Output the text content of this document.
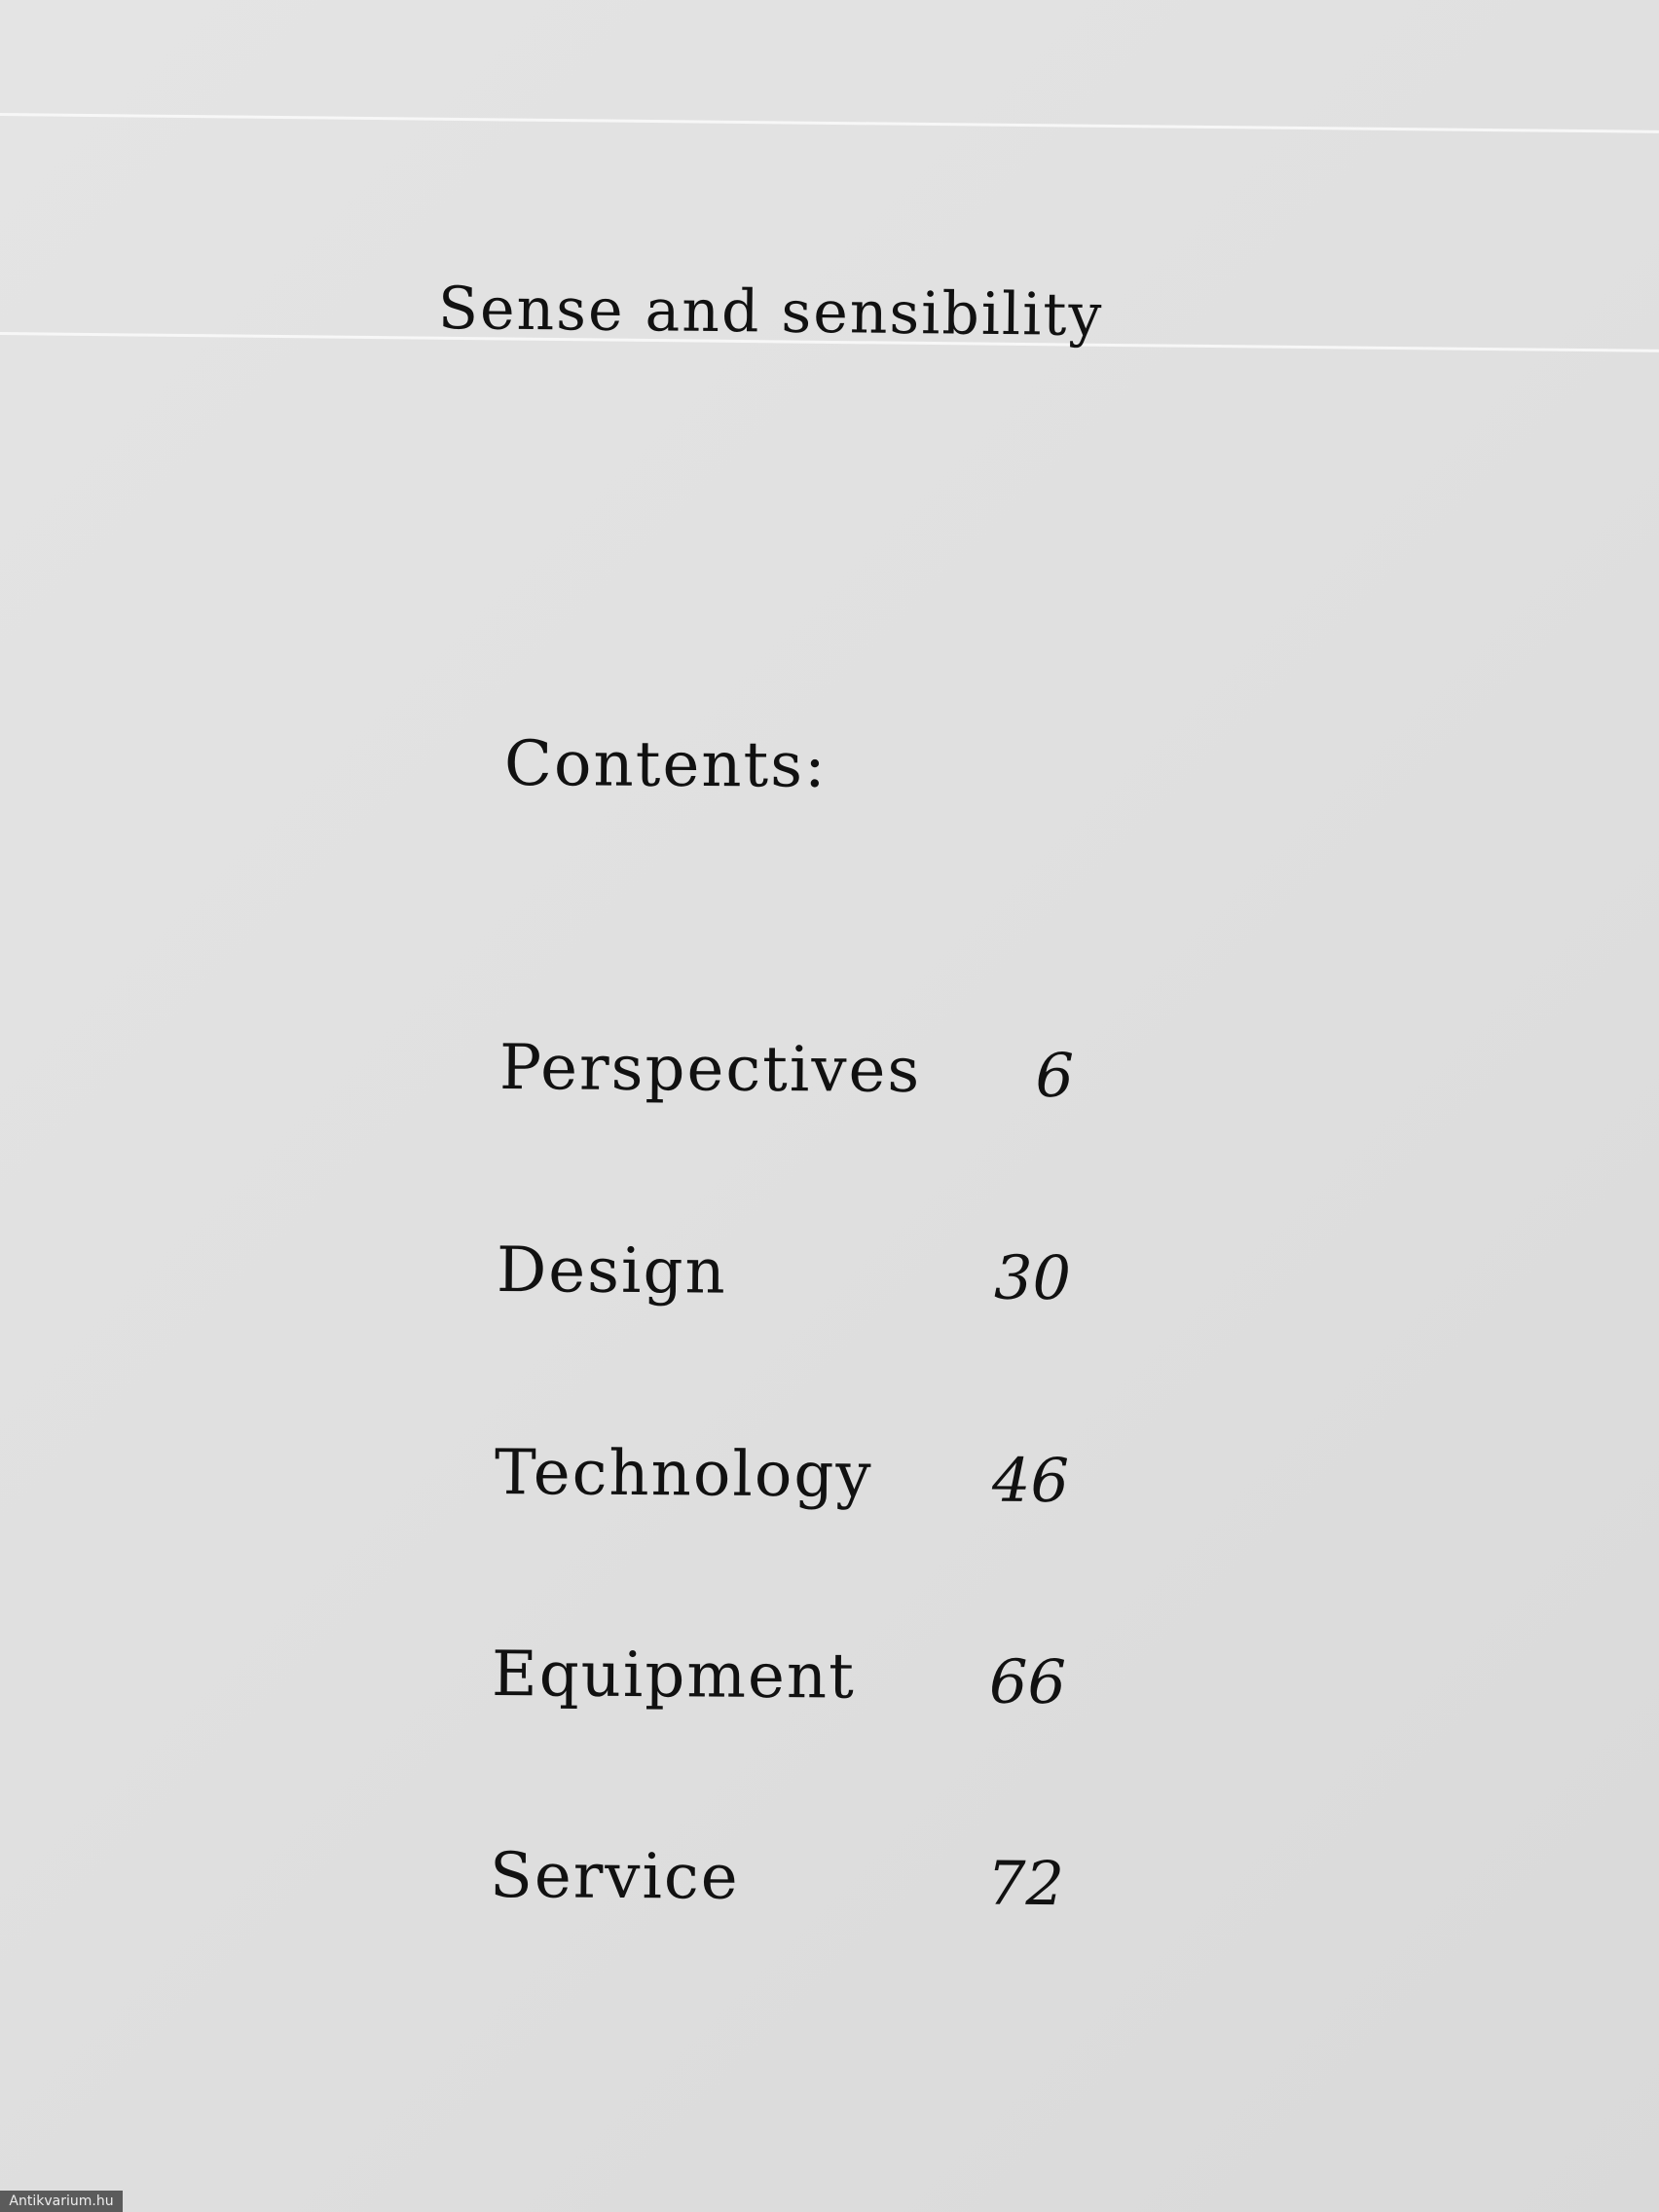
Sense and sensibility
Contents:
Perspectives 6
Design	30
Technology 46
Equipment 66
Service	72
Antikvarium.hu
